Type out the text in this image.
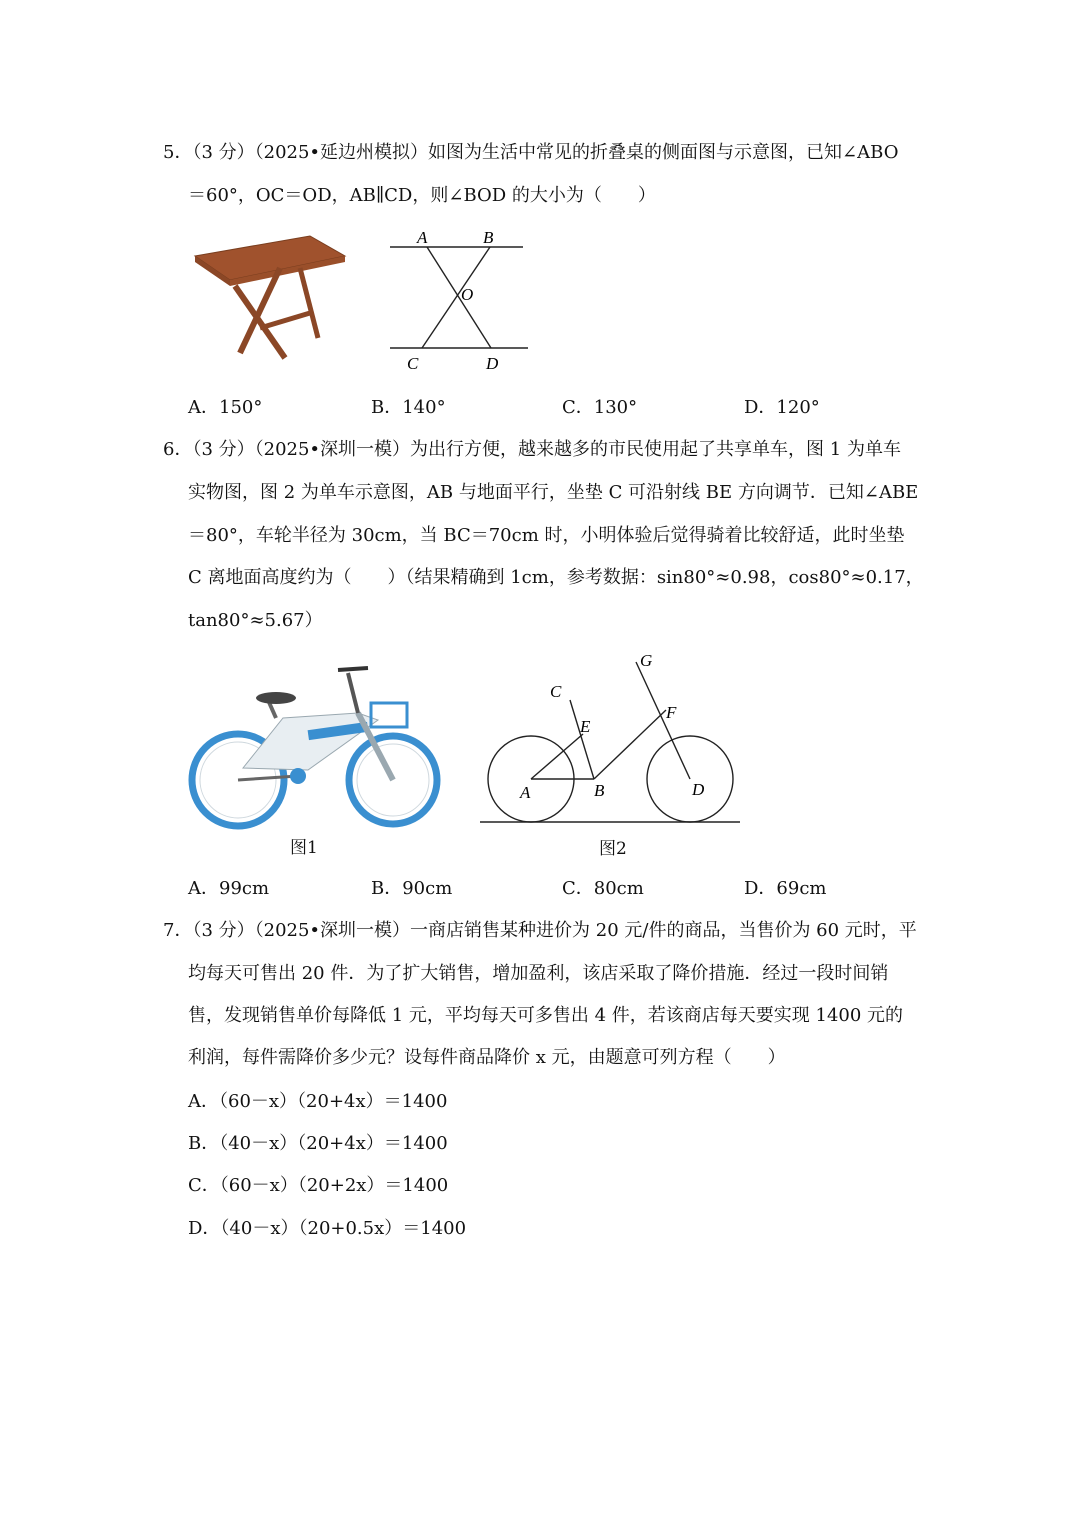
5．（3 分）（2025•延边州模拟）如图为生活中常见的折叠桌的侧面图与示意图，已知∠ABO
＝60°，OC＝OD，AB∥CD，则∠BOD 的大小为（　　）
A	B
O
C	D
A．150°	B．140°	C．130°	D．120°
6．（3 分）（2025•深圳一模）为出行方便，越来越多的市民使用起了共享单车，图 1 为单车
实物图，图 2 为单车示意图，AB 与地面平行，坐垫 C 可沿射线 BE 方向调节．已知∠ABE
＝80°，车轮半径为 30cm，当 BC＝70cm 时，小明体验后觉得骑着比较舒适，此时坐垫
C 离地面高度约为（　　）（结果精确到 1cm，参考数据：sin80°≈0.98，cos80°≈0.17，
tan80°≈5.67）
图1
C
E
G
F
A	B	D
图2
A．99cm	B．90cm	C．80cm	D．69cm
7．（3 分）（2025•深圳一模）一商店销售某种进价为 20 元/件的商品，当售价为 60 元时，平
均每天可售出 20 件．为了扩大销售，增加盈利，该店采取了降价措施．经过一段时间销
售，发现销售单价每降低 1 元，平均每天可多售出 4 件，若该商店每天要实现 1400 元的
利润，每件需降价多少元？设每件商品降价 x 元，由题意可列方程（　　）
A．（60－x）（20+4x）＝1400
B．（40－x）（20+4x）＝1400
C．（60－x）（20+2x）＝1400
D．（40－x）（20+0.5x）＝1400
